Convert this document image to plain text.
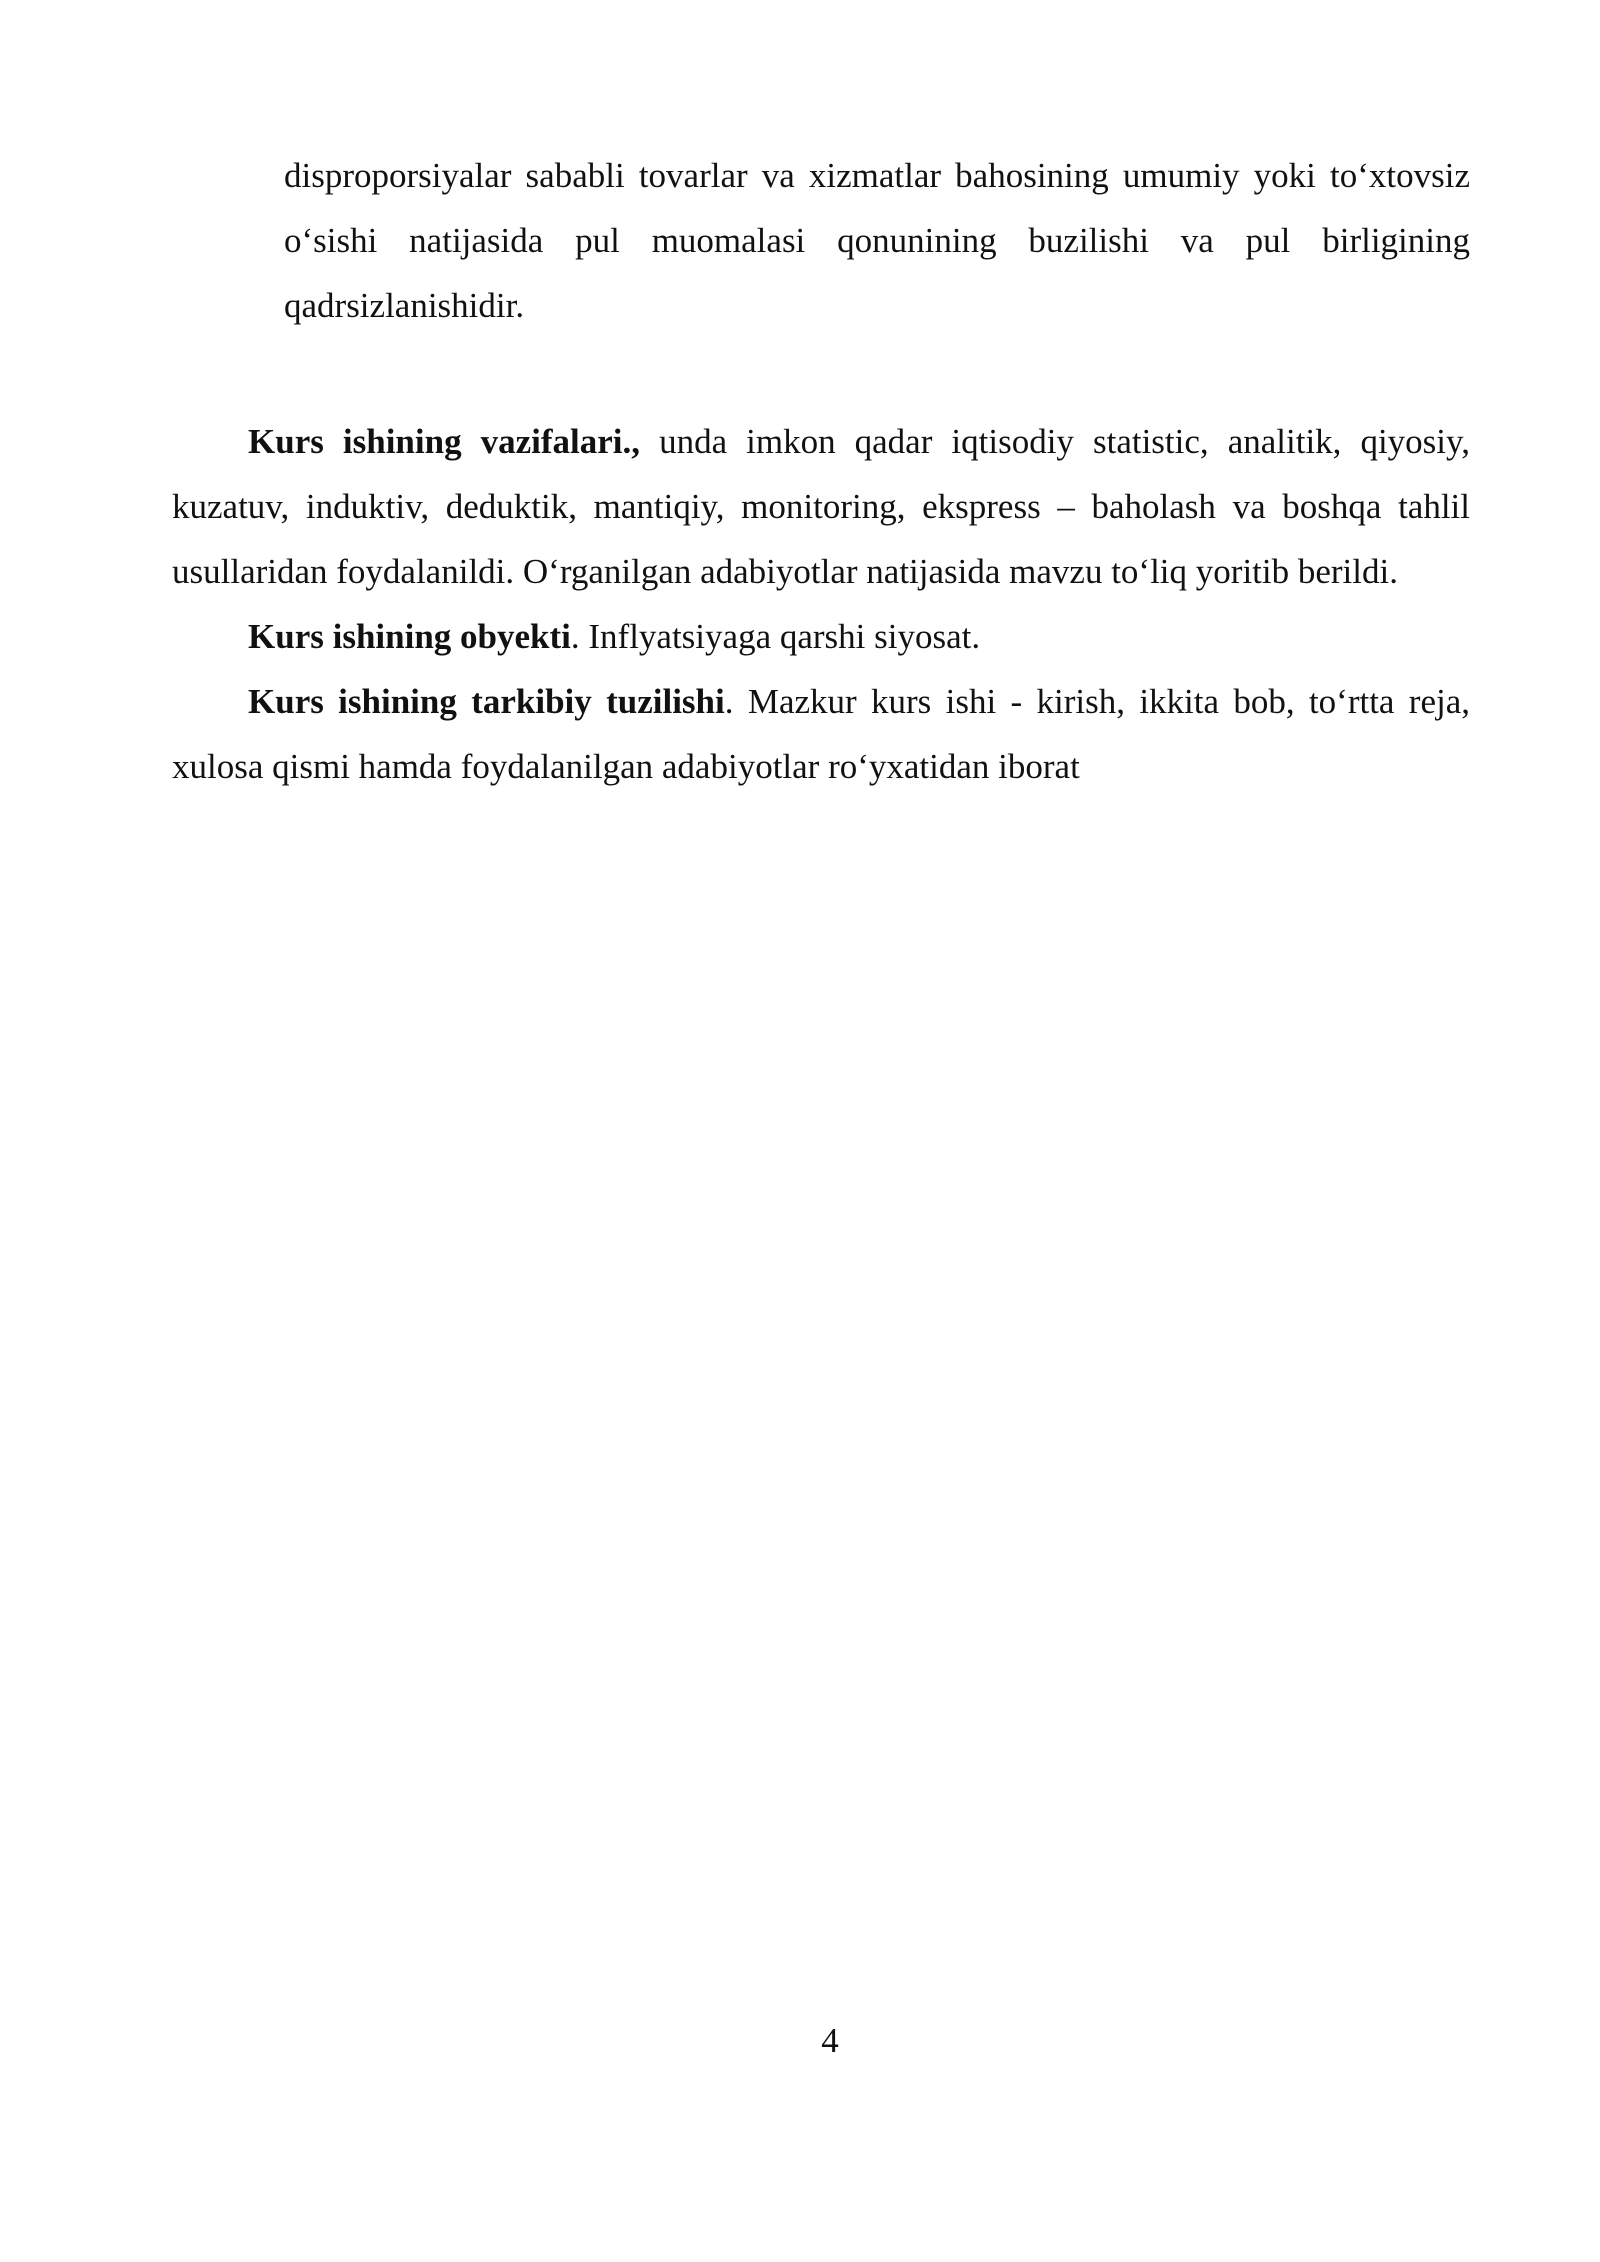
disproporsiyalar sababli tovarlar va xizmatlar bahosining umumiy yoki to‘xtovsiz o‘sishi natijasida pul muomalasi qonunining buzilishi va pul birligining qadrsizlanishidir.

Kurs ishining vazifalari., unda imkon qadar iqtisodiy statistic, analitik, qiyosiy, kuzatuv, induktiv, deduktik, mantiqiy, monitoring, ekspress – baholash va boshqa tahlil usullaridan foydalanildi. O‘rganilgan adabiyotlar natijasida mavzu to‘liq yoritib berildi.

Kurs ishining obyekti. Inflyatsiyaga qarshi siyosat.

Kurs ishining tarkibiy tuzilishi. Mazkur kurs ishi - kirish, ikkita bob, toʻrtta reja, xulosa qismi hamda foydalanilgan adabiyotlar roʻyxatidan iborat

4
